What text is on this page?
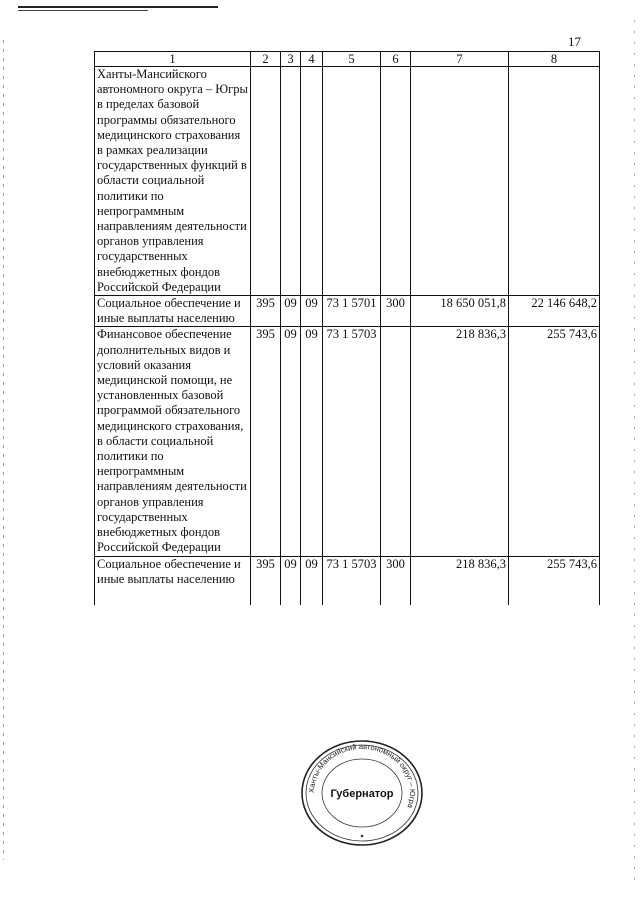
17
1	2	3	4	5	6	7	8
Ханты-Мансийского автономного округа – Югры в пределах базовой программы обязательного медицинского страхования в рамках реализации государственных функций в области социальной политики по непрограммным направлениям деятельности органов управления государственных внебюджетных фондов Российской Федерации							
Социальное обеспечение и иные выплаты населению	395	09	09	73 1 5701	300	18 650 051,8	22 146 648,2
Финансовое обеспечение дополнительных видов и условий оказания медицинской помощи, не установленных базовой программой обязательного медицинского страхования, в области социальной политики по непрограммным направлениям деятельности органов управления государственных внебюджетных фондов Российской Федерации	395	09	09	73 1 5703		218 836,3	255 743,6
Социальное обеспечение и иные выплаты населению	395	09	09	73 1 5703	300	218 836,3	255 743,6
Ханты-Мансийский автономный округ – Югра
Губернатор
